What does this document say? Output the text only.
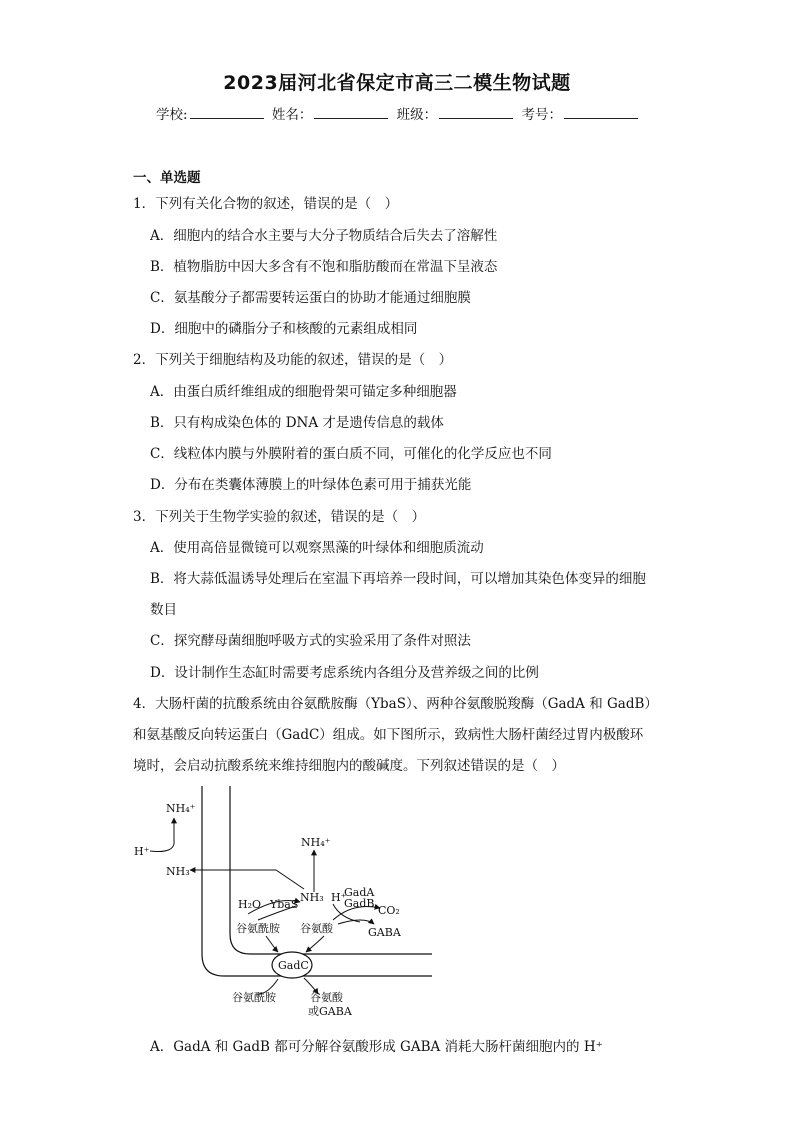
2023届河北省保定市高三二模生物试题
学校:	姓名：	班级：	考号：
一、单选题
1．下列有关化合物的叙述，错误的是（　）
A．细胞内的结合水主要与大分子物质结合后失去了溶解性
B．植物脂肪中因大多含有不饱和脂肪酸而在常温下呈液态
C．氨基酸分子都需要转运蛋白的协助才能通过细胞膜
D．细胞中的磷脂分子和核酸的元素组成相同
2．下列关于细胞结构及功能的叙述，错误的是（　）
A．由蛋白质纤维组成的细胞骨架可锚定多种细胞器
B．只有构成染色体的 DNA 才是遗传信息的载体
C．线粒体内膜与外膜附着的蛋白质不同，可催化的化学反应也不同
D．分布在类囊体薄膜上的叶绿体色素可用于捕获光能
3．下列关于生物学实验的叙述，错误的是（　）
A．使用高倍显微镜可以观察黑藻的叶绿体和细胞质流动
B．将大蒜低温诱导处理后在室温下再培养一段时间，可以增加其染色体变异的细胞
数目
C．探究酵母菌细胞呼吸方式的实验采用了条件对照法
D．设计制作生态缸时需要考虑系统内各组分及营养级之间的比例
4．大肠杆菌的抗酸系统由谷氨酰胺酶（YbaS）、两种谷氨酸脱羧酶（GadA 和 GadB）
和氨基酸反向转运蛋白（GadC）组成。如下图所示，致病性大肠杆菌经过胃内极酸环
境时，会启动抗酸系统来维持细胞内的酸碱度。下列叙述错误的是（　）
NH₄⁺
H⁺
NH₃
NH₄⁺
H₂O YbaS
NH₃ H⁺
GadA
GadB
CO₂
谷氨酰胺 谷氨酸	GABA
GadC
谷氨酰胺	谷氨酸
或GABA
A．GadA 和 GadB 都可分解谷氨酸形成 GABA 消耗大肠杆菌细胞内的 H⁺
